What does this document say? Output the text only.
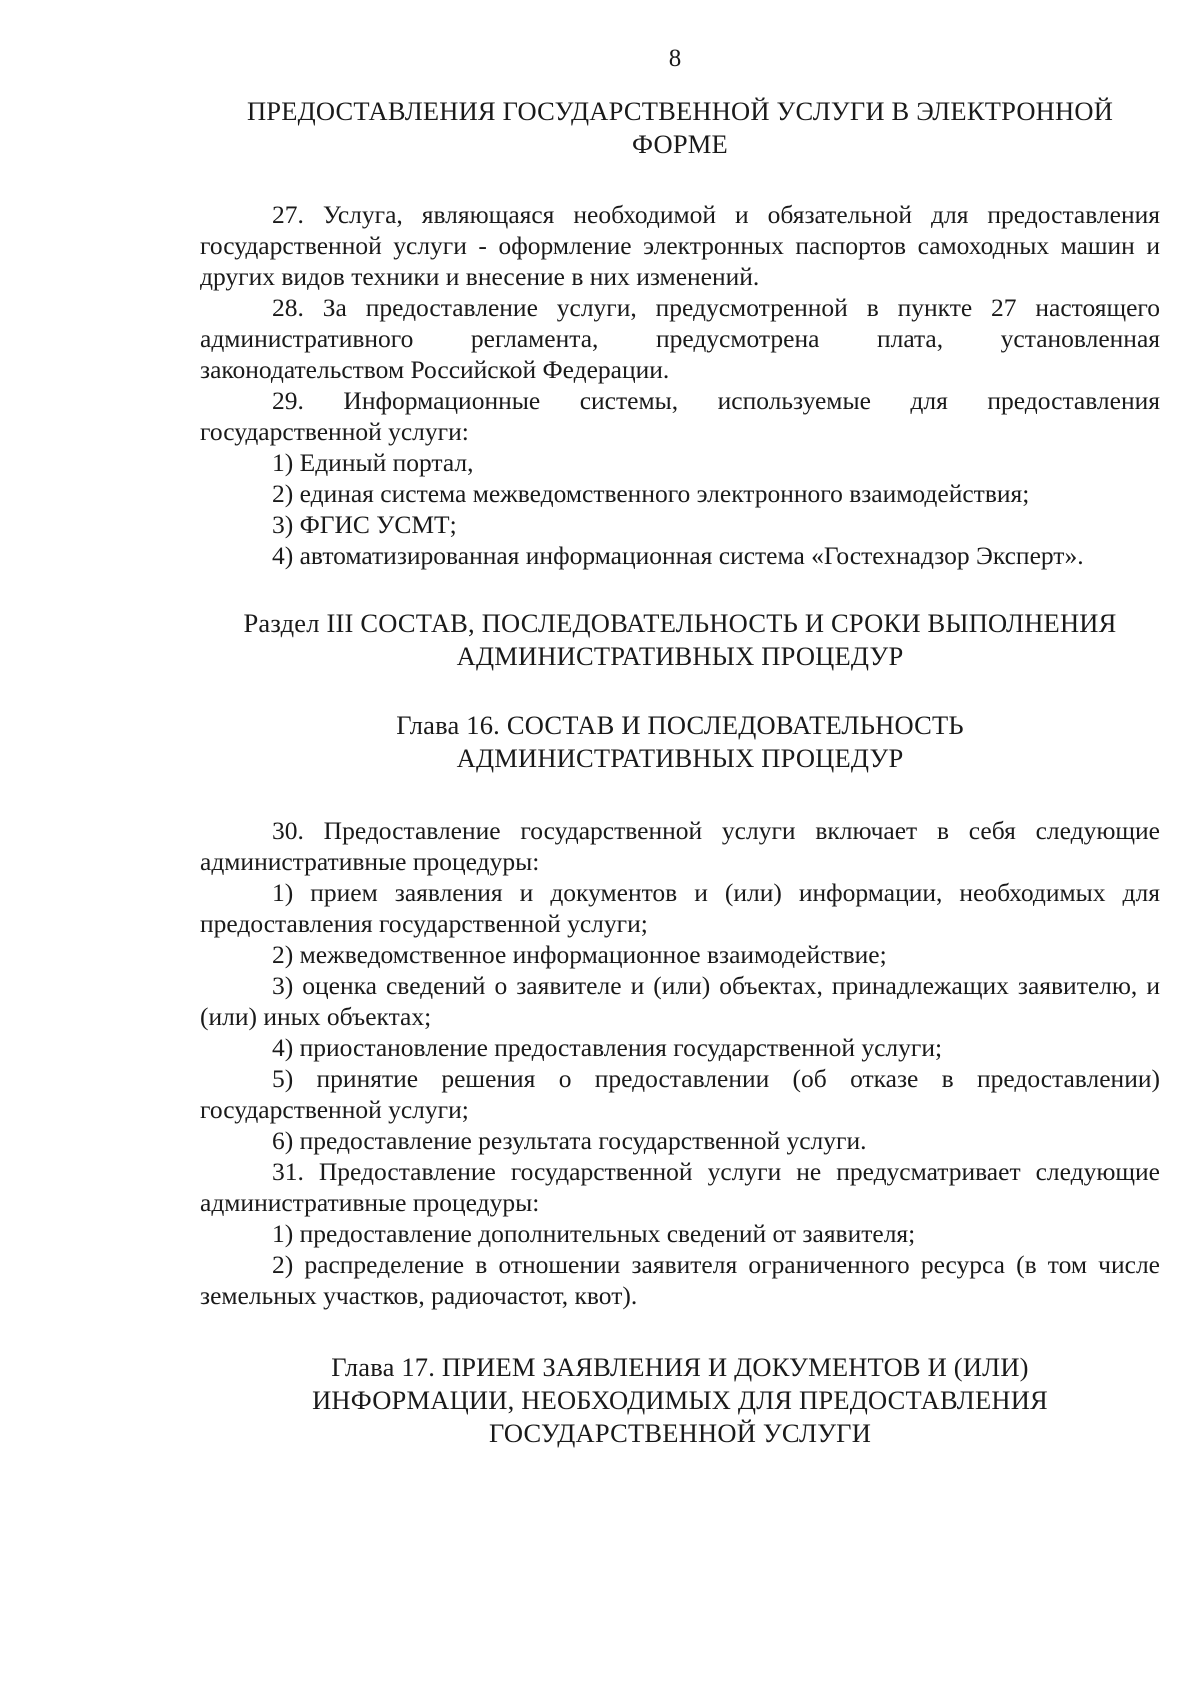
8
ПРЕДОСТАВЛЕНИЯ ГОСУДАРСТВЕННОЙ УСЛУГИ В ЭЛЕКТРОННОЙ
ФОРМЕ

27. Услуга, являющаяся необходимой и обязательной для предоставления государственной услуги - оформление электронных паспортов самоходных машин и других видов техники и внесение в них изменений.

28. За предоставление услуги, предусмотренной в пункте 27 настоящего административного регламента, предусмотрена плата, установленная законодательством Российской Федерации.

29. Информационные системы, используемые для предоставления государственной услуги:

1) Единый портал,

2) единая система межведомственного электронного взаимодействия;

3) ФГИС УСМТ;

4) автоматизированная информационная система «Гостехнадзор Эксперт».

Раздел III СОСТАВ, ПОСЛЕДОВАТЕЛЬНОСТЬ И СРОКИ ВЫПОЛНЕНИЯ
АДМИНИСТРАТИВНЫХ ПРОЦЕДУР
Глава 16. СОСТАВ И ПОСЛЕДОВАТЕЛЬНОСТЬ
АДМИНИСТРАТИВНЫХ ПРОЦЕДУР

30. Предоставление государственной услуги включает в себя следующие административные процедуры:

1) прием заявления и документов и (или) информации, необходимых для предоставления государственной услуги;

2) межведомственное информационное взаимодействие;

3) оценка сведений о заявителе и (или) объектах, принадлежащих заявителю, и (или) иных объектах;

4) приостановление предоставления государственной услуги;

5) принятие решения о предоставлении (об отказе в предоставлении) государственной услуги;

6) предоставление результата государственной услуги.

31. Предоставление государственной услуги не предусматривает следующие административные процедуры:

1) предоставление дополнительных сведений от заявителя;

2) распределение в отношении заявителя ограниченного ресурса (в том числе земельных участков, радиочастот, квот).

Глава 17. ПРИЕМ ЗАЯВЛЕНИЯ И ДОКУМЕНТОВ И (ИЛИ)
ИНФОРМАЦИИ, НЕОБХОДИМЫХ ДЛЯ ПРЕДОСТАВЛЕНИЯ
ГОСУДАРСТВЕННОЙ УСЛУГИ
